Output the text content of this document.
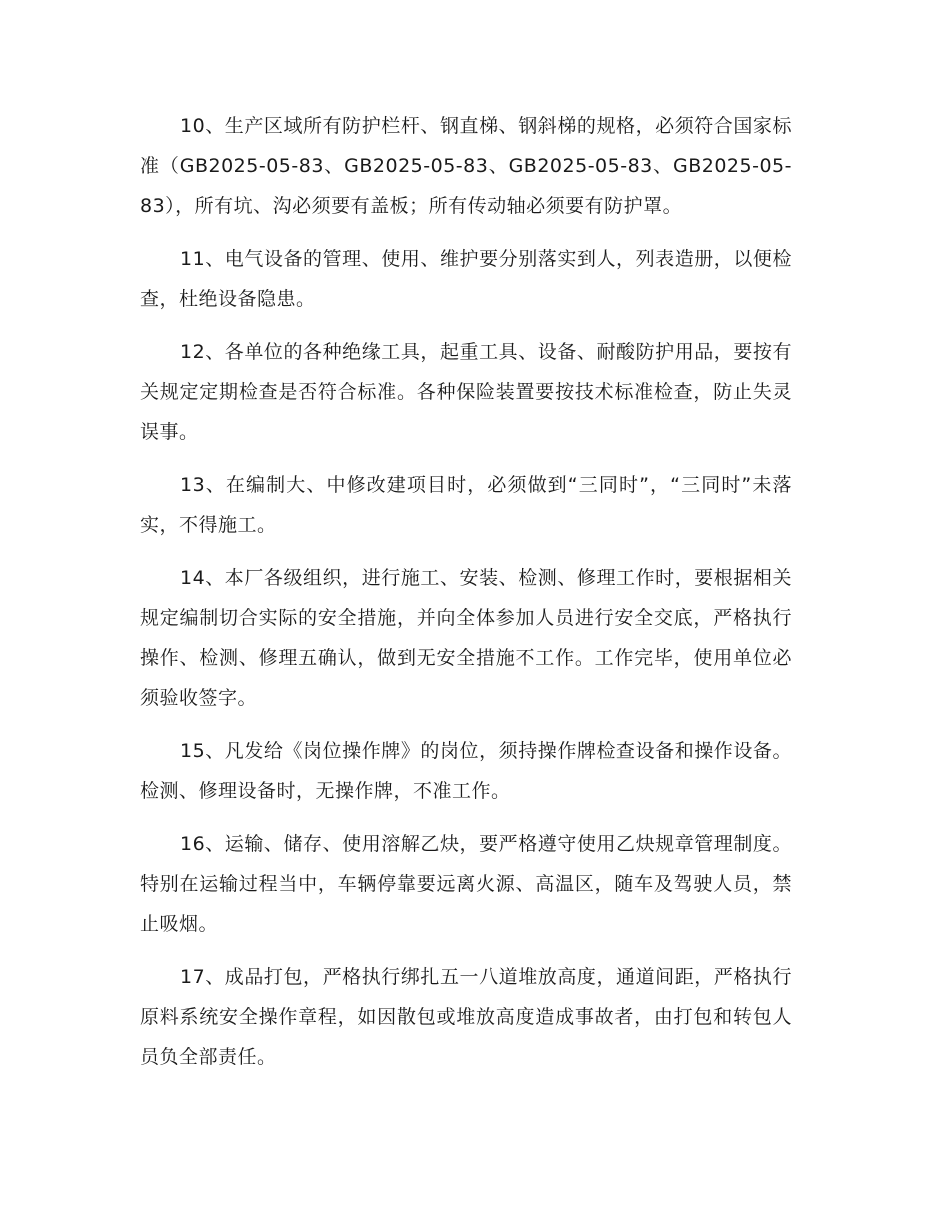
10、生产区域所有防护栏杆、钢直梯、钢斜梯的规格，必须符合国家标准（GB2025-05-83、GB2025-05-83、GB2025-05-83、GB2025-05-83），所有坑、沟必须要有盖板；所有传动轴必须要有防护罩。

11、电气设备的管理、使用、维护要分别落实到人，列表造册，以便检查，杜绝设备隐患。

12、各单位的各种绝缘工具，起重工具、设备、耐酸防护用品，要按有关规定定期检查是否符合标准。各种保险装置要按技术标准检查，防止失灵误事。

13、在编制大、中修改建项目时，必须做到“三同时”，“三同时”未落实，不得施工。

14、本厂各级组织，进行施工、安装、检测、修理工作时，要根据相关规定编制切合实际的安全措施，并向全体参加人员进行安全交底，严格执行操作、检测、修理五确认，做到无安全措施不工作。工作完毕，使用单位必须验收签字。

15、凡发给《岗位操作牌》的岗位，须持操作牌检查设备和操作设备。检测、修理设备时，无操作牌，不准工作。

16、运输、储存、使用溶解乙炔，要严格遵守使用乙炔规章管理制度。特别在运输过程当中，车辆停靠要远离火源、高温区，随车及驾驶人员，禁止吸烟。

17、成品打包，严格执行绑扎五一八道堆放高度，通道间距，严格执行原料系统安全操作章程，如因散包或堆放高度造成事故者，由打包和转包人员负全部责任。
